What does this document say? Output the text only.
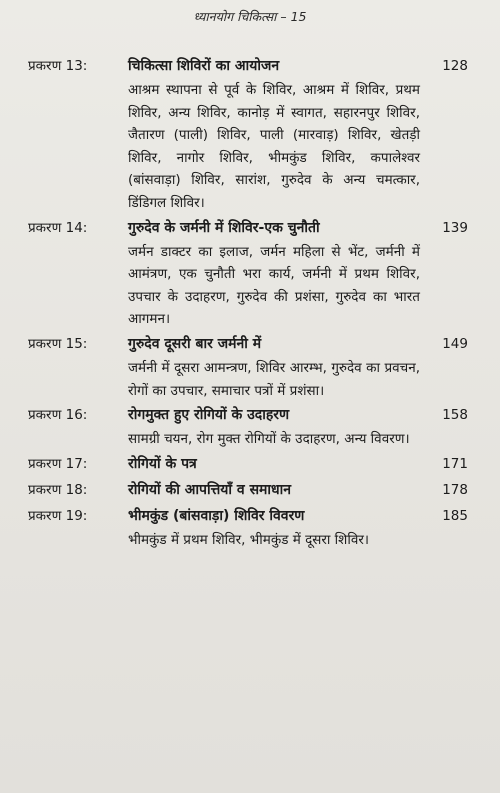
ध्यानयोग चिकित्सा – 15
प्रकरण 13:	चिकित्सा शिविरों का आयोजन	128
आश्रम स्थापना से पूर्व के शिविर, आश्रम में शिविर, प्रथम शिविर, अन्य शिविर, कानोड़ में स्वागत, सहारनपुर शिविर, जैतारण (पाली) शिविर, पाली (मारवाड़) शिविर, खेतड़ी शिविर, नागोर शिविर, भीमकुंड शिविर, कपालेश्वर (बांसवाड़ा) शिविर, सारांश, गुरुदेव के अन्य चमत्कार, डिंडिगल शिविर।
प्रकरण 14:	गुरुदेव के जर्मनी में शिविर-एक चुनौती	139
जर्मन डाक्टर का इलाज, जर्मन महिला से भेंट, जर्मनी में आमंत्रण, एक चुनौती भरा कार्य, जर्मनी में प्रथम शिविर, उपचार के उदाहरण, गुरुदेव की प्रशंसा, गुरुदेव का भारत आगमन।
प्रकरण 15:	गुरुदेव दूसरी बार जर्मनी में	149
जर्मनी में दूसरा आमन्त्रण, शिविर आरम्भ, गुरुदेव का प्रवचन, रोगों का उपचार, समाचार पत्रों में प्रशंसा।
प्रकरण 16:	रोगमुक्त हुए रोगियों के उदाहरण	158
सामग्री चयन, रोग मुक्त रोगियों के उदाहरण, अन्य विवरण।
प्रकरण 17:	रोगियों के पत्र	171
प्रकरण 18:	रोगियों की आपत्तियाँ व समाधान	178
प्रकरण 19:	भीमकुंड (बांसवाड़ा) शिविर विवरण	185
भीमकुंड में प्रथम शिविर, भीमकुंड में दूसरा शिविर।
